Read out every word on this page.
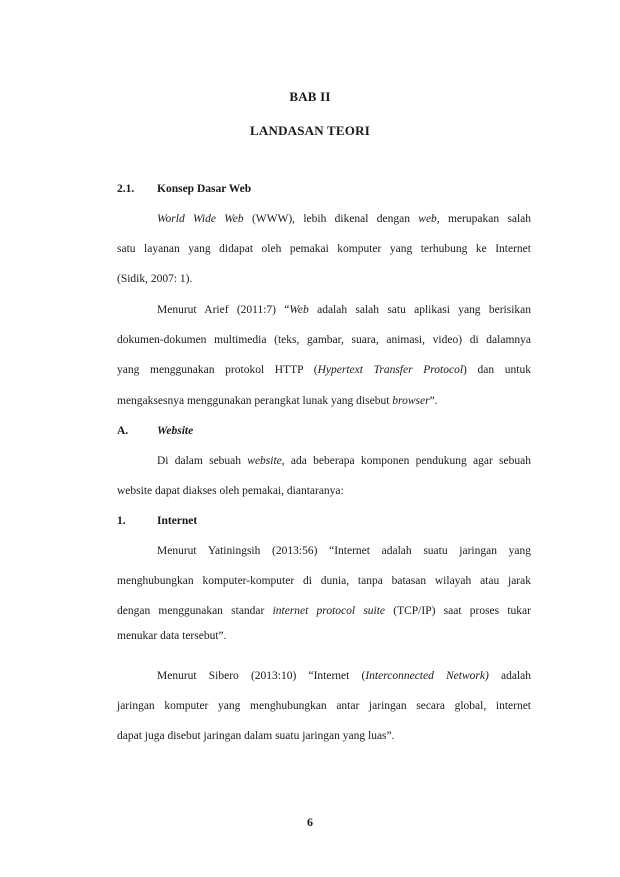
BAB II
LANDASAN TEORI
2.1. Konsep Dasar Web
World Wide Web (WWW), lebih dikenal dengan web, merupakan salah
satu layanan yang didapat oleh pemakai komputer yang terhubung ke Internet
(Sidik, 2007: 1).
Menurut Arief (2011:7) “Web adalah salah satu aplikasi yang berisikan
dokumen-dokumen multimedia (teks, gambar, suara, animasi, video) di dalamnya
yang menggunakan protokol HTTP (Hypertext Transfer Protocol) dan untuk
mengaksesnya menggunakan perangkat lunak yang disebut browser”.
A.	Website
Di dalam sebuah website, ada beberapa komponen pendukung agar sebuah
website dapat diakses oleh pemakai, diantaranya:
1.	Internet
Menurut Yatiningsih (2013:56) “Internet adalah suatu jaringan yang
menghubungkan komputer-komputer di dunia, tanpa batasan wilayah atau jarak
dengan menggunakan standar internet protocol suite (TCP/IP) saat proses tukar
menukar data tersebut”.
Menurut Sibero (2013:10) “Internet (Interconnected Network) adalah
jaringan komputer yang menghubungkan antar jaringan secara global, internet
dapat juga disebut jaringan dalam suatu jaringan yang luas”.
6
